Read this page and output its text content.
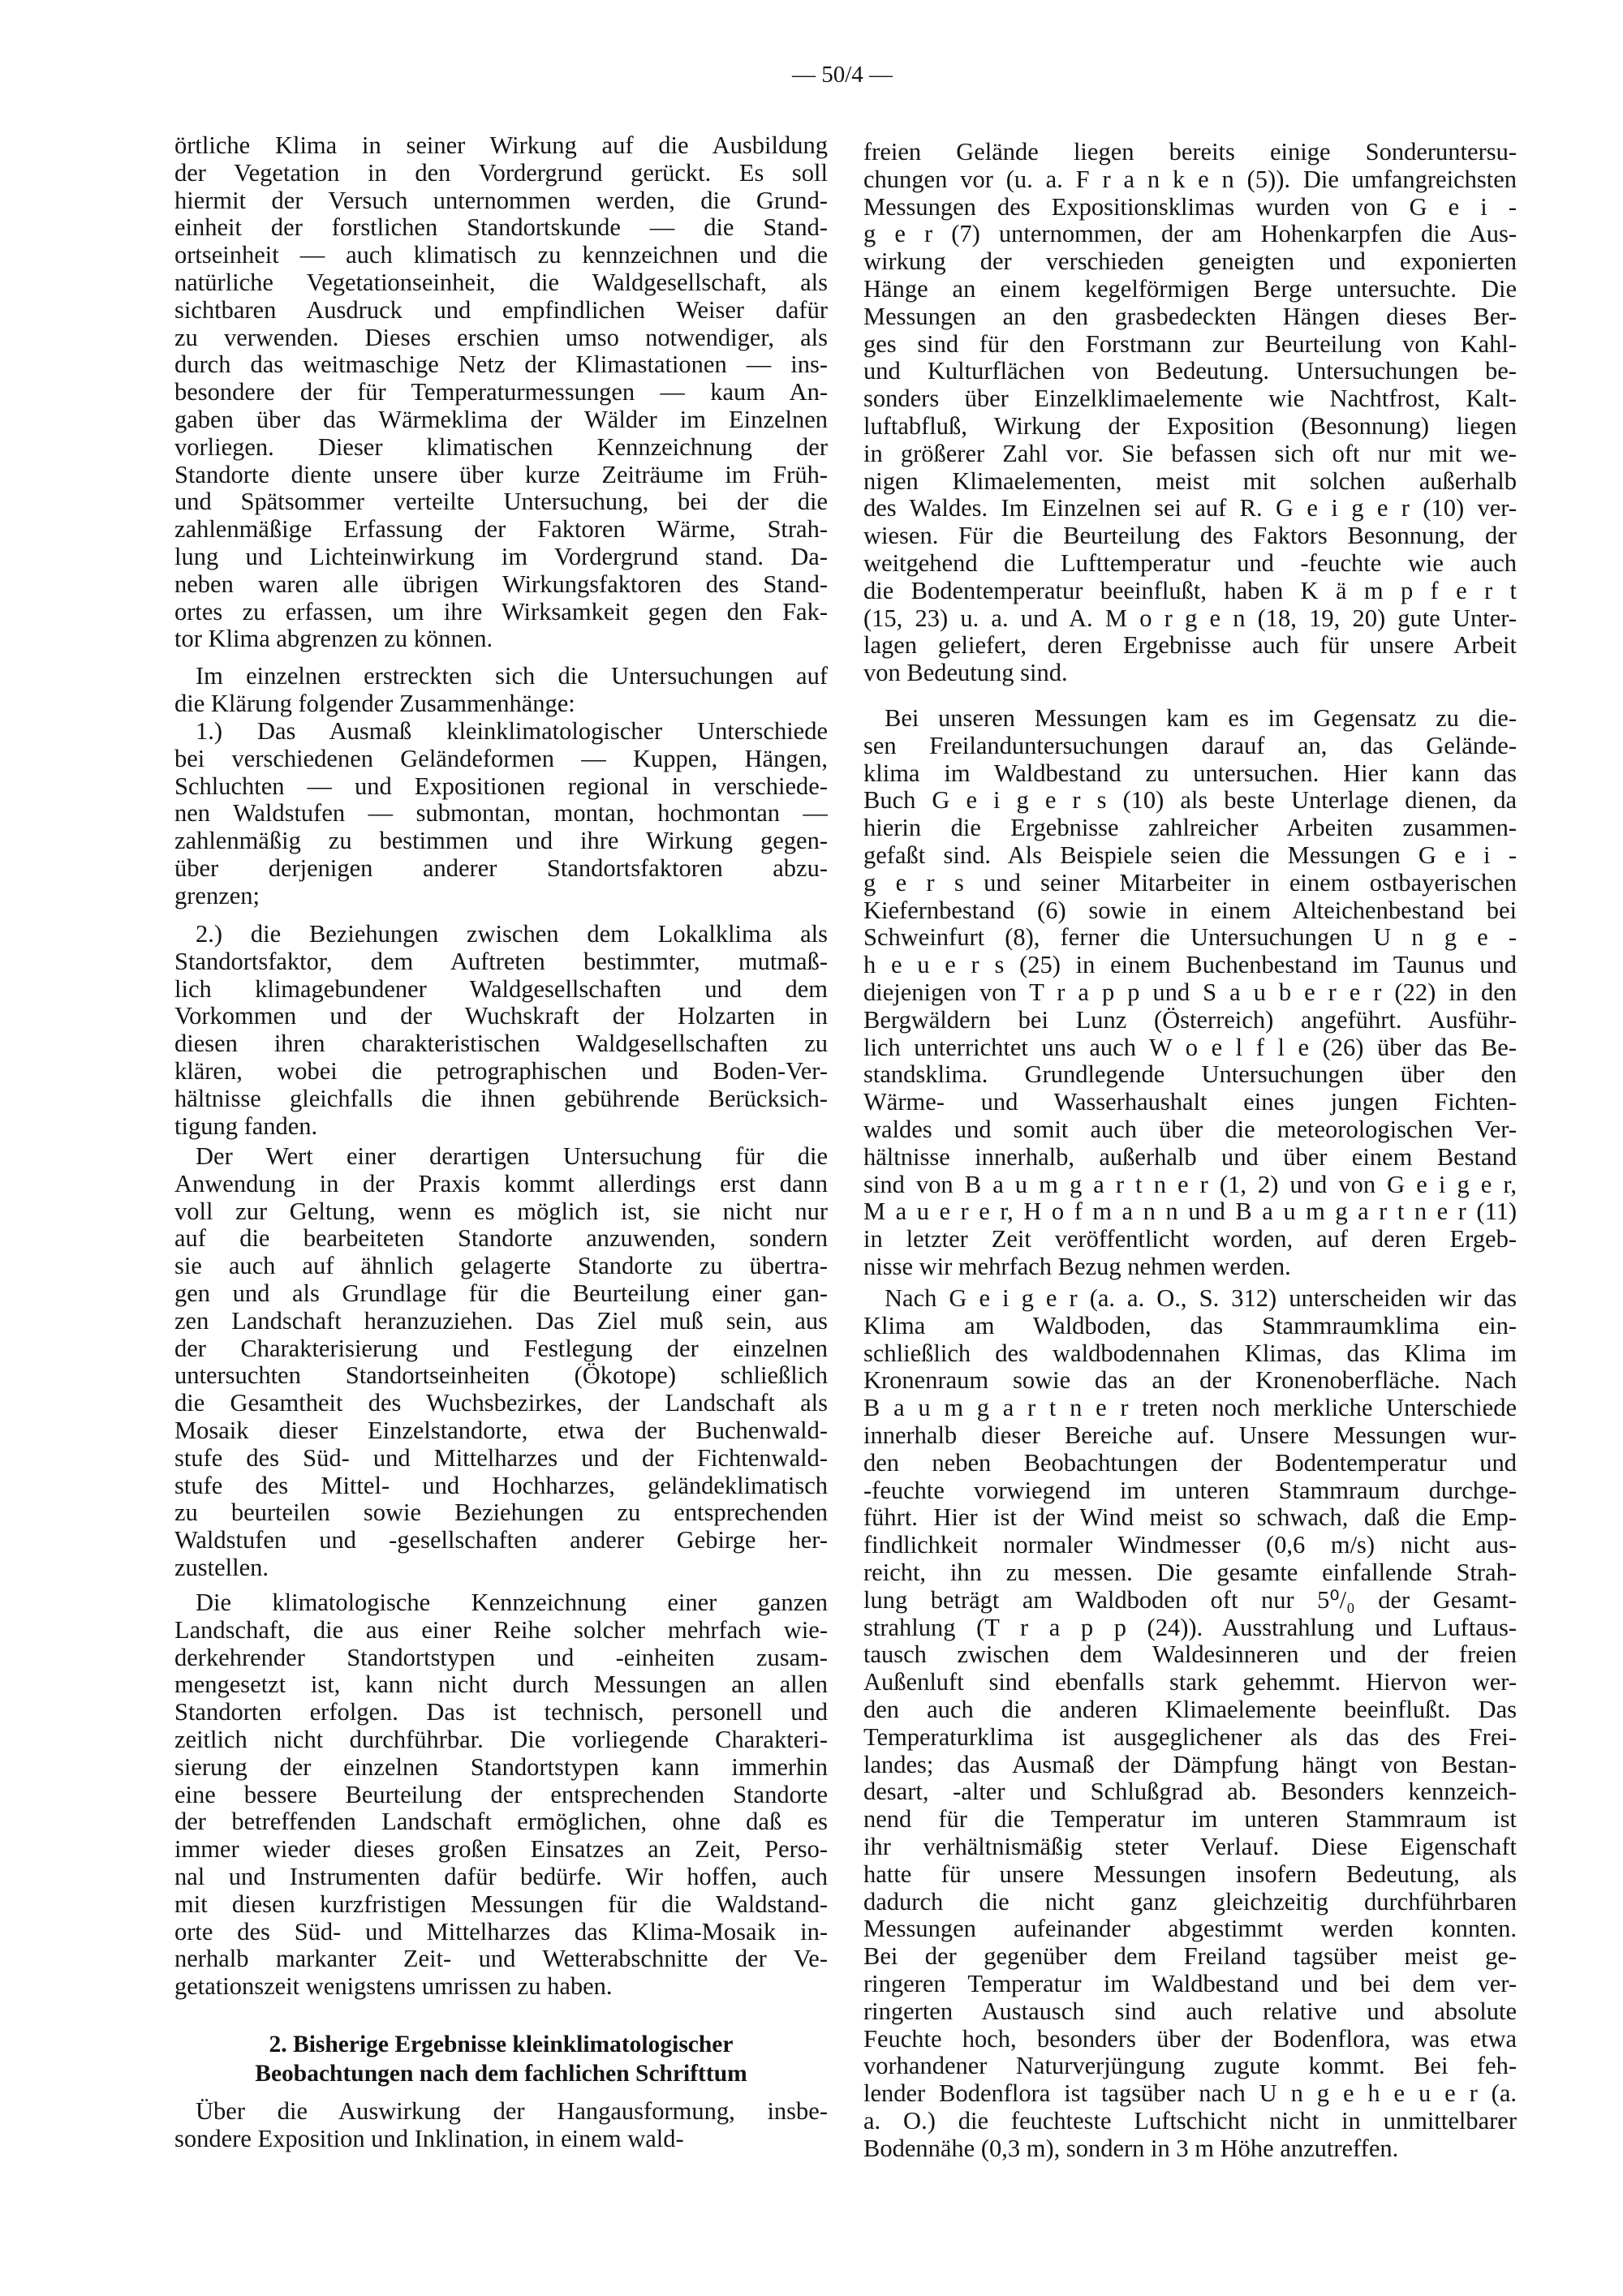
— 50/4 —
örtliche Klima in seiner Wirkung auf die Ausbildung
der Vegetation in den Vordergrund gerückt. Es soll
hiermit der Versuch unternommen werden, die Grund-
einheit der forstlichen Standortskunde — die Stand-
ortseinheit — auch klimatisch zu kennzeichnen und die
natürliche Vegetationseinheit, die Waldgesellschaft, als
sichtbaren Ausdruck und empfindlichen Weiser dafür
zu verwenden. Dieses erschien umso notwendiger, als
durch das weitmaschige Netz der Klimastationen — ins-
besondere der für Temperaturmessungen — kaum An-
gaben über das Wärmeklima der Wälder im Einzelnen
vorliegen. Dieser klimatischen Kennzeichnung der
Standorte diente unsere über kurze Zeiträume im Früh-
und Spätsommer verteilte Untersuchung, bei der die
zahlenmäßige Erfassung der Faktoren Wärme, Strah-
lung und Lichteinwirkung im Vordergrund stand. Da-
neben waren alle übrigen Wirkungsfaktoren des Stand-
ortes zu erfassen, um ihre Wirksamkeit gegen den Fak-
tor Klima abgrenzen zu können.
Im einzelnen erstreckten sich die Untersuchungen auf
die Klärung folgender Zusammenhänge:
1.) Das Ausmaß kleinklimatologischer Unterschiede
bei verschiedenen Geländeformen — Kuppen, Hängen,
Schluchten — und Expositionen regional in verschiede-
nen Waldstufen — submontan, montan, hochmontan —
zahlenmäßig zu bestimmen und ihre Wirkung gegen-
über derjenigen anderer Standortsfaktoren abzu-
grenzen;
2.) die Beziehungen zwischen dem Lokalklima als
Standortsfaktor, dem Auftreten bestimmter, mutmaß-
lich klimagebundener Waldgesellschaften und dem
Vorkommen und der Wuchskraft der Holzarten in
diesen ihren charakteristischen Waldgesellschaften zu
klären, wobei die petrographischen und Boden-Ver-
hältnisse gleichfalls die ihnen gebührende Berücksich-
tigung fanden.
Der Wert einer derartigen Untersuchung für die
Anwendung in der Praxis kommt allerdings erst dann
voll zur Geltung, wenn es möglich ist, sie nicht nur
auf die bearbeiteten Standorte anzuwenden, sondern
sie auch auf ähnlich gelagerte Standorte zu übertra-
gen und als Grundlage für die Beurteilung einer gan-
zen Landschaft heranzuziehen. Das Ziel muß sein, aus
der Charakterisierung und Festlegung der einzelnen
untersuchten Standortseinheiten (Ökotope) schließlich
die Gesamtheit des Wuchsbezirkes, der Landschaft als
Mosaik dieser Einzelstandorte, etwa der Buchenwald-
stufe des Süd- und Mittelharzes und der Fichtenwald-
stufe des Mittel- und Hochharzes, geländeklimatisch
zu beurteilen sowie Beziehungen zu entsprechenden
Waldstufen und -gesellschaften anderer Gebirge her-
zustellen.
Die klimatologische Kennzeichnung einer ganzen
Landschaft, die aus einer Reihe solcher mehrfach wie-
derkehrender Standortstypen und -einheiten zusam-
mengesetzt ist, kann nicht durch Messungen an allen
Standorten erfolgen. Das ist technisch, personell und
zeitlich nicht durchführbar. Die vorliegende Charakteri-
sierung der einzelnen Standortstypen kann immerhin
eine bessere Beurteilung der entsprechenden Standorte
der betreffenden Landschaft ermöglichen, ohne daß es
immer wieder dieses großen Einsatzes an Zeit, Perso-
nal und Instrumenten dafür bedürfe. Wir hoffen, auch
mit diesen kurzfristigen Messungen für die Waldstand-
orte des Süd- und Mittelharzes das Klima-Mosaik in-
nerhalb markanter Zeit- und Wetterabschnitte der Ve-
getationszeit wenigstens umrissen zu haben.
2. Bisherige Ergebnisse kleinklimatologischer
Beobachtungen nach dem fachlichen Schrifttum
Über die Auswirkung der Hangausformung, insbe-
sondere Exposition und Inklination, in einem wald-
freien Gelände liegen bereits einige Sonderuntersu-
chungen vor (u. a. F r a n k e n (5)). Die umfangreichsten
Messungen des Expositionsklimas wurden von G e i -
g e r (7) unternommen, der am Hohenkarpfen die Aus-
wirkung der verschieden geneigten und exponierten
Hänge an einem kegelförmigen Berge untersuchte. Die
Messungen an den grasbedeckten Hängen dieses Ber-
ges sind für den Forstmann zur Beurteilung von Kahl-
und Kulturflächen von Bedeutung. Untersuchungen be-
sonders über Einzelklimaelemente wie Nachtfrost, Kalt-
luftabfluß, Wirkung der Exposition (Besonnung) liegen
in größerer Zahl vor. Sie befassen sich oft nur mit we-
nigen Klimaelementen, meist mit solchen außerhalb
des Waldes. Im Einzelnen sei auf R. G e i g e r (10) ver-
wiesen. Für die Beurteilung des Faktors Besonnung, der
weitgehend die Lufttemperatur und -feuchte wie auch
die Bodentemperatur beeinflußt, haben K ä m p f e r t
(15, 23) u. a. und A. M o r g e n (18, 19, 20) gute Unter-
lagen geliefert, deren Ergebnisse auch für unsere Arbeit
von Bedeutung sind.
Bei unseren Messungen kam es im Gegensatz zu die-
sen Freilanduntersuchungen darauf an, das Gelände-
klima im Waldbestand zu untersuchen. Hier kann das
Buch G e i g e r s (10) als beste Unterlage dienen, da
hierin die Ergebnisse zahlreicher Arbeiten zusammen-
gefaßt sind. Als Beispiele seien die Messungen G e i -
g e r s und seiner Mitarbeiter in einem ostbayerischen
Kiefernbestand (6) sowie in einem Alteichenbestand bei
Schweinfurt (8), ferner die Untersuchungen U n g e -
h e u e r s (25) in einem Buchenbestand im Taunus und
diejenigen von T r a p p und S a u b e r e r (22) in den
Bergwäldern bei Lunz (Österreich) angeführt. Ausführ-
lich unterrichtet uns auch W o e l f l e (26) über das Be-
standsklima. Grundlegende Untersuchungen über den
Wärme- und Wasserhaushalt eines jungen Fichten-
waldes und somit auch über die meteorologischen Ver-
hältnisse innerhalb, außerhalb und über einem Bestand
sind von B a u m g a r t n e r (1, 2) und von G e i g e r,
M a u e r e r, H o f m a n n und B a u m g a r t n e r (11)
in letzter Zeit veröffentlicht worden, auf deren Ergeb-
nisse wir mehrfach Bezug nehmen werden.
Nach G e i g e r (a. a. O., S. 312) unterscheiden wir das
Klima am Waldboden, das Stammraumklima ein-
schließlich des waldbodennahen Klimas, das Klima im
Kronenraum sowie das an der Kronenoberfläche. Nach
B a u m g a r t n e r treten noch merkliche Unterschiede
innerhalb dieser Bereiche auf. Unsere Messungen wur-
den neben Beobachtungen der Bodentemperatur und
-feuchte vorwiegend im unteren Stammraum durchge-
führt. Hier ist der Wind meist so schwach, daß die Emp-
findlichkeit normaler Windmesser (0,6 m/s) nicht aus-
reicht, ihn zu messen. Die gesamte einfallende Strah-
lung beträgt am Waldboden oft nur 5⁰/₀ der Gesamt-
strahlung (T r a p p (24)). Ausstrahlung und Luftaus-
tausch zwischen dem Waldesinneren und der freien
Außenluft sind ebenfalls stark gehemmt. Hiervon wer-
den auch die anderen Klimaelemente beeinflußt. Das
Temperaturklima ist ausgeglichener als das des Frei-
landes; das Ausmaß der Dämpfung hängt von Bestan-
desart, -alter und Schlußgrad ab. Besonders kennzeich-
nend für die Temperatur im unteren Stammraum ist
ihr verhältnismäßig steter Verlauf. Diese Eigenschaft
hatte für unsere Messungen insofern Bedeutung, als
dadurch die nicht ganz gleichzeitig durchführbaren
Messungen aufeinander abgestimmt werden konnten.
Bei der gegenüber dem Freiland tagsüber meist ge-
ringeren Temperatur im Waldbestand und bei dem ver-
ringerten Austausch sind auch relative und absolute
Feuchte hoch, besonders über der Bodenflora, was etwa
vorhandener Naturverjüngung zugute kommt. Bei feh-
lender Bodenflora ist tagsüber nach U n g e h e u e r (a.
a. O.) die feuchteste Luftschicht nicht in unmittelbarer
Bodennähe (0,3 m), sondern in 3 m Höhe anzutreffen.
